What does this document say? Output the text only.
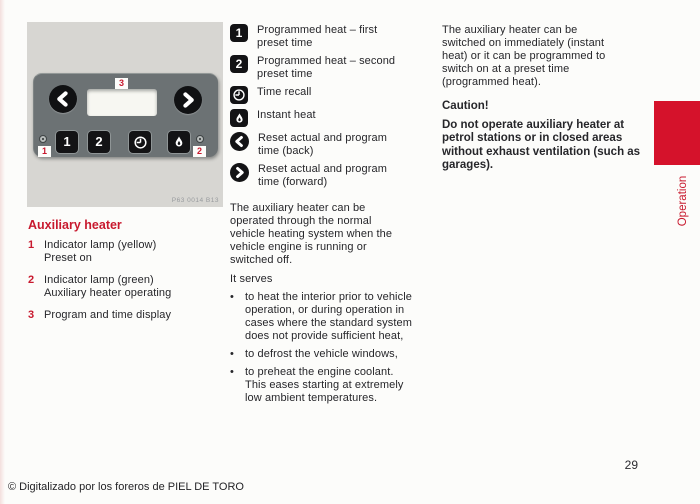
3
1	2
1	2
P63 0014 B13
Auxiliary heater
1 Indicator lamp (yellow)
Preset on
2 Indicator lamp (green)
Auxiliary heater operating
3 Program and time display
1	Programmed heat – first preset time
2	Programmed heat – second preset time
Time recall
Instant heat
Reset actual and program time (back)
Reset actual and program time (forward)
The auxiliary heater can be operated through the normal vehicle heating system when the vehicle engine is running or switched off.
It serves
•	to heat the interior prior to vehicle operation, or during operation in cases where the standard system does not provide sufficient heat,
•	to defrost the vehicle windows,
•	to preheat the engine coolant. This eases starting at extremely low ambient temperatures.
The auxiliary heater can be switched on immediately (instant heat) or it can be programmed to switch on at a preset time (programmed heat).
Caution!
Do not operate auxiliary heater at petrol stations or in closed areas without exhaust ventilation (such as garages).
Operation
© Digitalizado por los foreros de PIEL DE TORO
29
